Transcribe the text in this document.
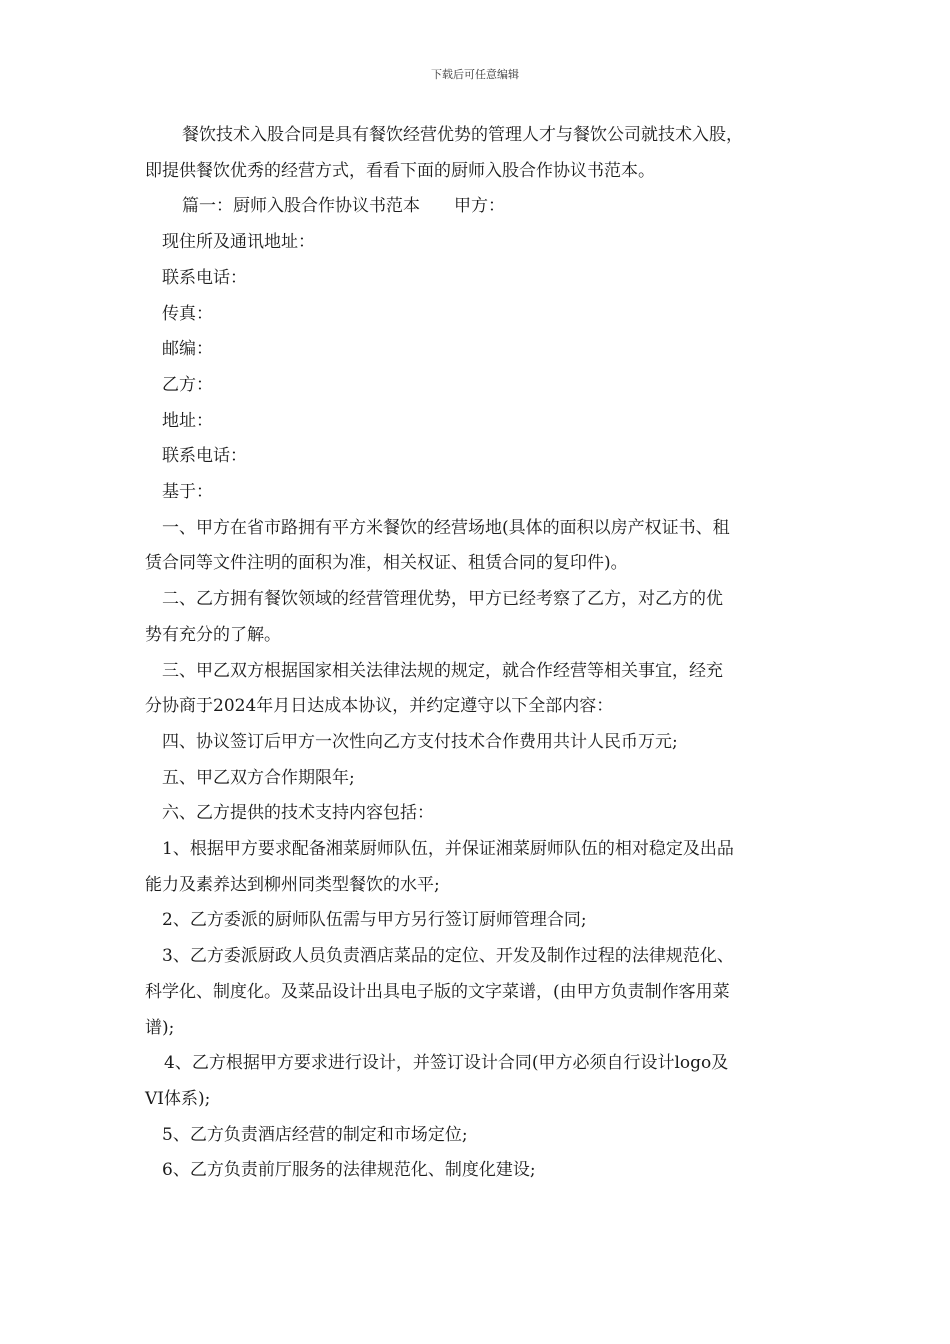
下载后可任意编辑

餐饮技术入股合同是具有餐饮经营优势的管理人才与餐饮公司就技术入股，

即提供餐饮优秀的经营方式，看看下面的厨师入股合作协议书范本。

篇一：厨师入股合作协议书范本　　甲方：

现住所及通讯地址：

联系电话：

传真：

邮编：

乙方：

地址：

联系电话：

基于：

一、甲方在省市路拥有平方米餐饮的经营场地(具体的面积以房产权证书、租

赁合同等文件注明的面积为准，相关权证、租赁合同的复印件)。

二、乙方拥有餐饮领域的经营管理优势，甲方已经考察了乙方，对乙方的优

势有充分的了解。

三、甲乙双方根据国家相关法律法规的规定，就合作经营等相关事宜，经充

分协商于2024年月日达成本协议，并约定遵守以下全部内容：

四、协议签订后甲方一次性向乙方支付技术合作费用共计人民币万元;

五、甲乙双方合作期限年;

六、乙方提供的技术支持内容包括：

1、根据甲方要求配备湘菜厨师队伍，并保证湘菜厨师队伍的相对稳定及出品

能力及素养达到柳州同类型餐饮的水平;

2、乙方委派的厨师队伍需与甲方另行签订厨师管理合同;

3、乙方委派厨政人员负责酒店菜品的定位、开发及制作过程的法律规范化、

科学化、制度化。及菜品设计出具电子版的文字菜谱，(由甲方负责制作客用菜

谱);

4、乙方根据甲方要求进行设计，并签订设计合同(甲方必须自行设计logo及

VI体系);

5、乙方负责酒店经营的制定和市场定位;

6、乙方负责前厅服务的法律规范化、制度化建设;
